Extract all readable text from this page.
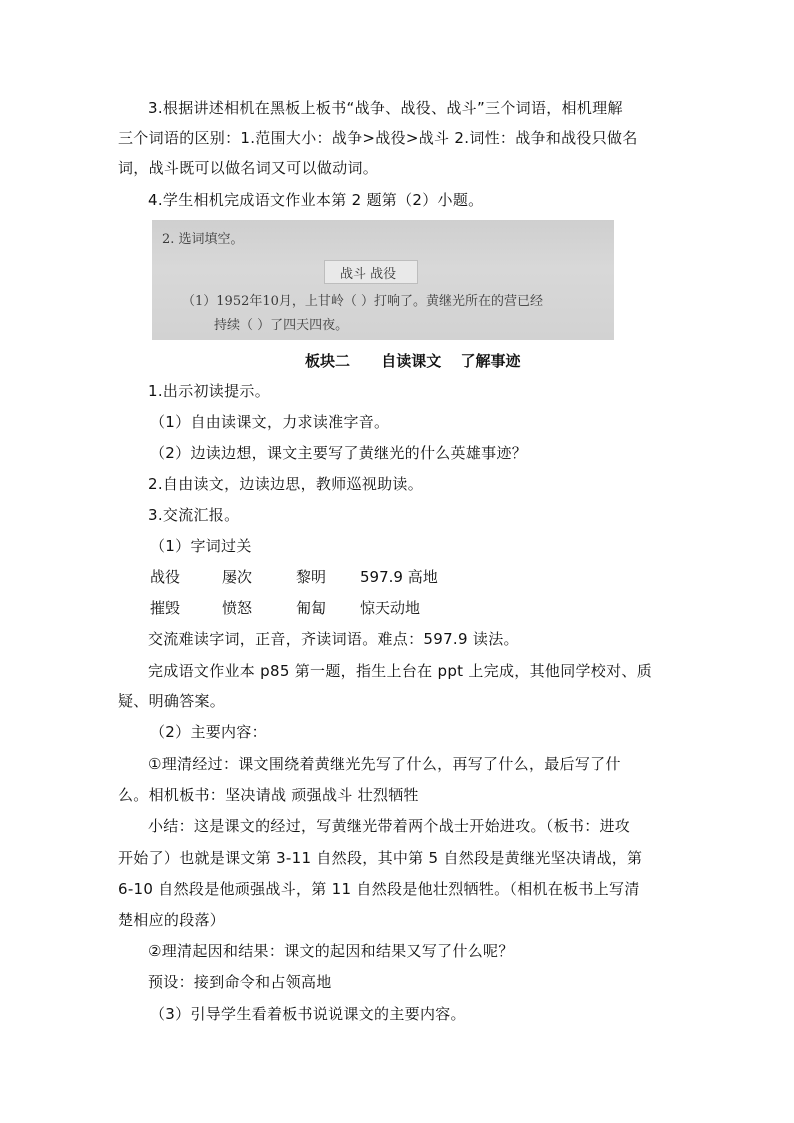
3.根据讲述相机在黑板上板书“战争、战役、战斗”三个词语，相机理解
三个词语的区别：1.范围大小：战争>战役>战斗 2.词性：战争和战役只做名
词，战斗既可以做名词又可以做动词。
4.学生相机完成语文作业本第 2 题第（2）小题。
2. 选词填空。
战斗 战役
（1）1952年10月，上甘岭（ ）打响了。黄继光所在的营已经
持续（ ）了四天四夜。
板块二 自读课文 了解事迹
1.出示初读提示。
（1）自由读课文，力求读准字音。
（2）边读边想，课文主要写了黄继光的什么英雄事迹？
2.自由读文，边读边思，教师巡视助读。
3.交流汇报。
（1）字词过关
战役	屡次	黎明 597.9 高地
摧毁	愤怒	匍匐 惊天动地
交流难读字词，正音，齐读词语。难点：597.9 读法。
完成语文作业本 p85 第一题，指生上台在 ppt 上完成，其他同学校对、质
疑、明确答案。
（2）主要内容：
①理清经过：课文围绕着黄继光先写了什么，再写了什么，最后写了什
么。相机板书：坚决请战 顽强战斗 壮烈牺牲
小结：这是课文的经过，写黄继光带着两个战士开始进攻。（板书：进攻
开始了）也就是课文第 3-11 自然段，其中第 5 自然段是黄继光坚决请战，第
6-10 自然段是他顽强战斗，第 11 自然段是他壮烈牺牲。（相机在板书上写清
楚相应的段落）
②理清起因和结果：课文的起因和结果又写了什么呢？
预设：接到命令和占领高地
（3）引导学生看着板书说说课文的主要内容。
